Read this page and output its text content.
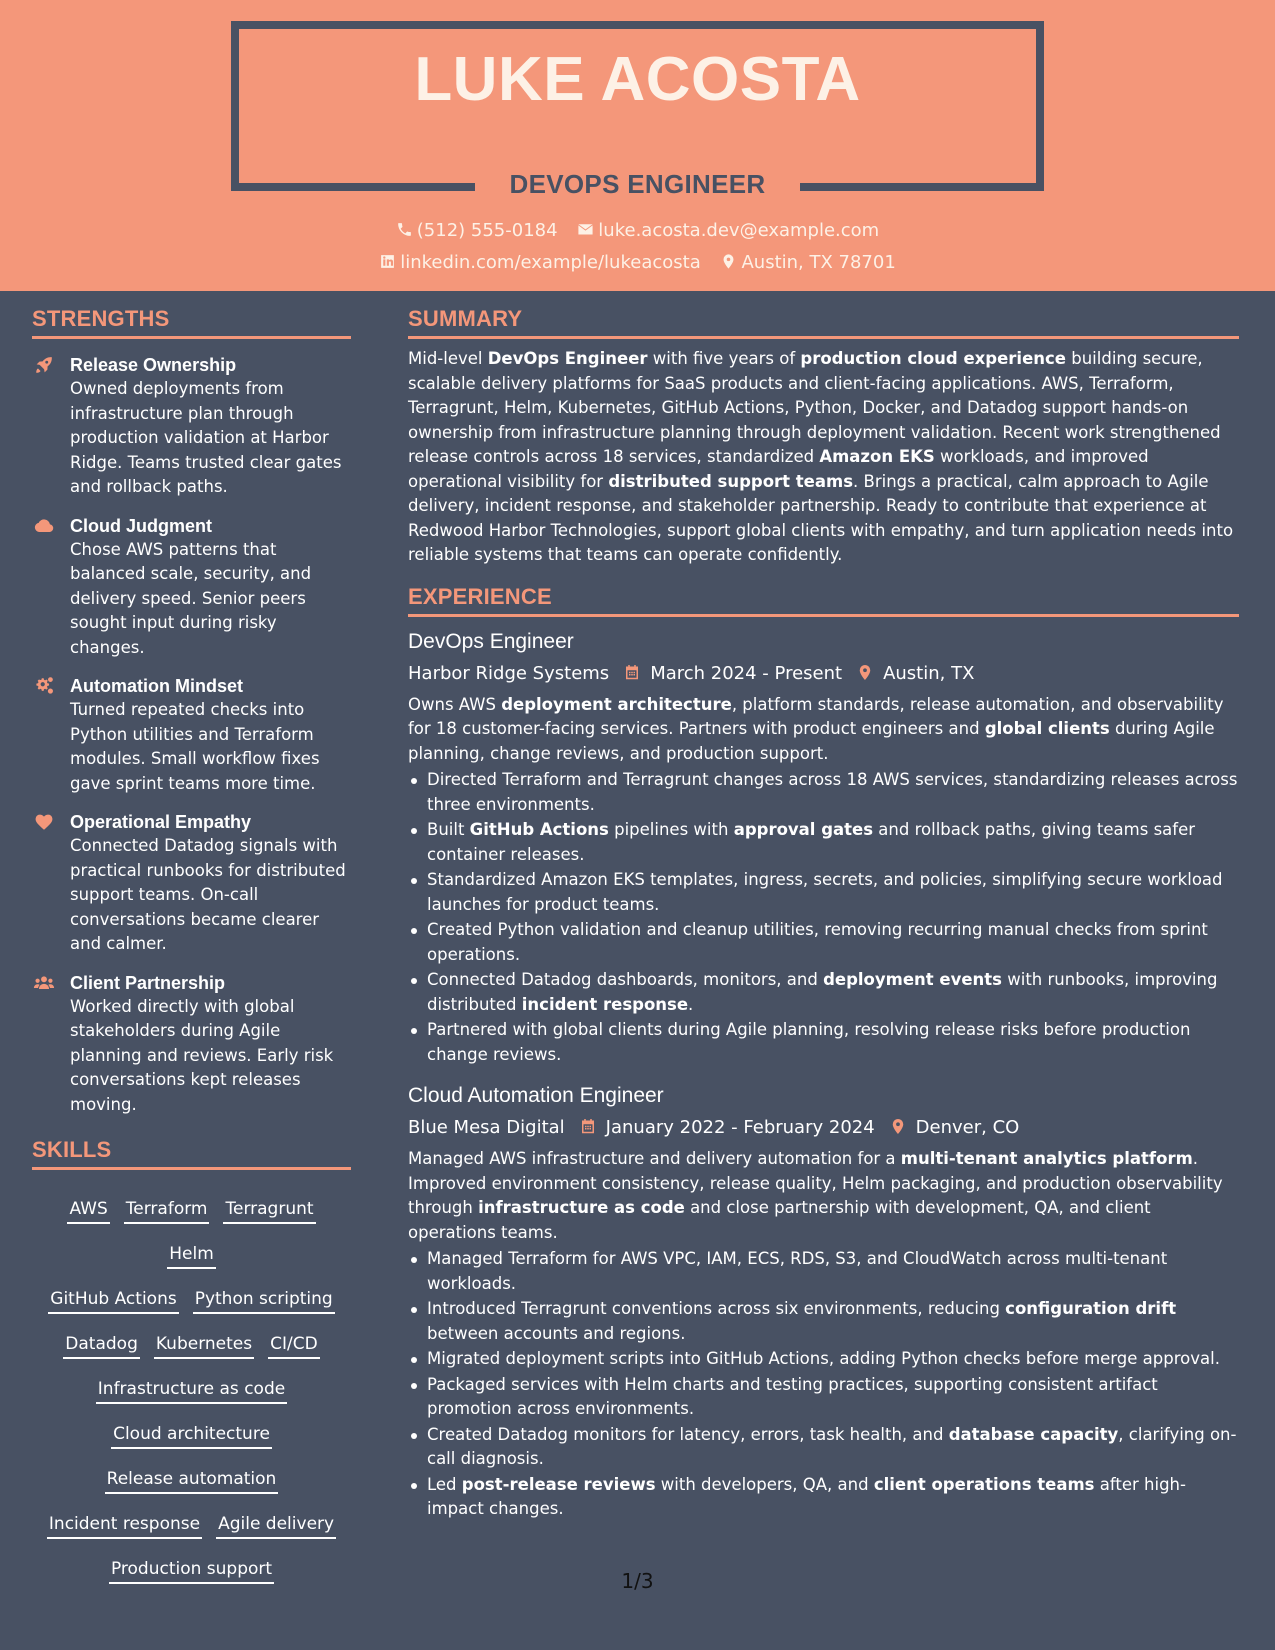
LUKE ACOSTA
DEVOPS ENGINEER
(512) 555-0184 luke.acosta.dev@example.com
linkedin.com/example/lukeacosta Austin, TX 78701
STRENGTHS
Release Ownership
Owned deployments from infrastructure plan through production validation at Harbor Ridge. Teams trusted clear gates and rollback paths.
Cloud Judgment
Chose AWS patterns that balanced scale, security, and delivery speed. Senior peers sought input during risky changes.
Automation Mindset
Turned repeated checks into Python utilities and Terraform modules. Small workflow fixes gave sprint teams more time.
Operational Empathy
Connected Datadog signals with practical runbooks for distributed support teams. On-call conversations became clearer and calmer.
Client Partnership
Worked directly with global stakeholders during Agile planning and reviews. Early risk conversations kept releases moving.
SKILLS
AWS Terraform TerragruntHelm
GitHub Actions Python scripting
Datadog Kubernetes CI/CD
Infrastructure as code
Cloud architecture
Release automation
Incident response Agile delivery
Production support
SUMMARY
Mid-level DevOps Engineer with five years of production cloud experience building secure, scalable delivery platforms for SaaS products and client-facing applications. AWS, Terraform, Terragrunt, Helm, Kubernetes, GitHub Actions, Python, Docker, and Datadog support hands-on ownership from infrastructure planning through deployment validation. Recent work strengthened release controls across 18 services, standardized Amazon EKS workloads, and improved operational visibility for distributed support teams. Brings a practical, calm approach to Agile delivery, incident response, and stakeholder partnership. Ready to contribute that experience at Redwood Harbor Technologies, support global clients with empathy, and turn application needs into reliable systems that teams can operate confidently.
EXPERIENCE
DevOps Engineer
Harbor Ridge Systems March 2024 - Present Austin, TX
Owns AWS deployment architecture, platform standards, release automation, and observability for 18 customer-facing services. Partners with product engineers and global clients during Agile planning, change reviews, and production support.
Directed Terraform and Terragrunt changes across 18 AWS services, standardizing releases across three environments.
Built GitHub Actions pipelines with approval gates and rollback paths, giving teams safer container releases.
Standardized Amazon EKS templates, ingress, secrets, and policies, simplifying secure workload launches for product teams.
Created Python validation and cleanup utilities, removing recurring manual checks from sprint operations.
Connected Datadog dashboards, monitors, and deployment events with runbooks, improving distributed incident response.
Partnered with global clients during Agile planning, resolving release risks before production change reviews.
Cloud Automation Engineer
Blue Mesa Digital January 2022 - February 2024 Denver, CO
Managed AWS infrastructure and delivery automation for a multi-tenant analytics platform. Improved environment consistency, release quality, Helm packaging, and production observability through infrastructure as code and close partnership with development, QA, and client operations teams.
Managed Terraform for AWS VPC, IAM, ECS, RDS, S3, and CloudWatch across multi-tenant workloads.
Introduced Terragrunt conventions across six environments, reducing configuration drift between accounts and regions.
Migrated deployment scripts into GitHub Actions, adding Python checks before merge approval.
Packaged services with Helm charts and testing practices, supporting consistent artifact promotion across environments.
Created Datadog monitors for latency, errors, task health, and database capacity, clarifying on-call diagnosis.
Led post-release reviews with developers, QA, and client operations teams after high-impact changes.
1/3
